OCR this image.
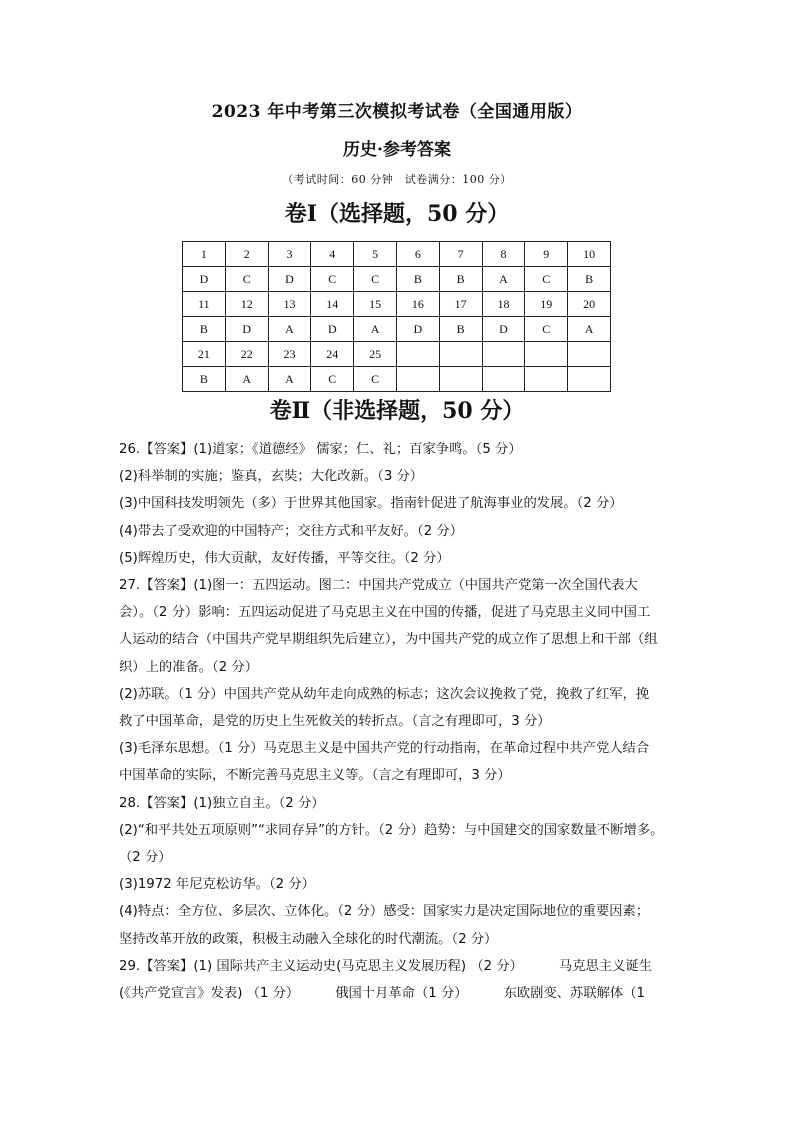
2023 年中考第三次模拟考试卷（全国通用版）
历史·参考答案
（考试时间：60 分钟　试卷满分：100 分）
卷Ⅰ（选择题，50 分）
1	2	3	4	5	6	7	8	9	10
D	C	D	C	C	B	B	A	C	B
11	12	13	14	15	16	17	18	19	20
B	D	A	D	A	D	B	D	C	A
21	22	23	24	25					
B	A	A	C	C					
卷Ⅱ（非选择题，50 分）

26.【答案】(1)道家；《道德经》 儒家；仁、礼；百家争鸣。（5 分）

(2)科举制的实施；鉴真，玄奘；大化改新。（3 分）

(3)中国科技发明领先（多）于世界其他国家。指南针促进了航海事业的发展。（2 分）

(4)带去了受欢迎的中国特产；交往方式和平友好。（2 分）

(5)辉煌历史，伟大贡献，友好传播，平等交往。（2 分）

27.【答案】(1)图一：五四运动。图二：中国共产党成立（中国共产党第一次全国代表大

会）。（2 分）影响：五四运动促进了马克思主义在中国的传播，促进了马克思主义同中国工

人运动的结合（中国共产党早期组织先后建立），为中国共产党的成立作了思想上和干部（组

织）上的准备。（2 分）

(2)苏联。（1 分）中国共产党从幼年走向成熟的标志；这次会议挽救了党，挽救了红军，挽

救了中国革命，是党的历史上生死攸关的转折点。（言之有理即可，3 分）

(3)毛泽东思想。（1 分）马克思主义是中国共产党的行动指南，在革命过程中共产党人结合

中国革命的实际，不断完善马克思主义等。（言之有理即可，3 分）

28.【答案】(1)独立自主。（2 分）

(2)“和平共处五项原则”“求同存异”的方针。（2 分）趋势：与中国建交的国家数量不断增多。

（2 分）

(3)1972 年尼克松访华。（2 分）

(4)特点：全方位、多层次、立体化。（2 分）感受：国家实力是决定国际地位的重要因素；

坚持改革开放的政策，积极主动融入全球化的时代潮流。（2 分）

29.【答案】(1) 国际共产主义运动史(马克思主义发展历程) （2 分）	马克思主义诞生

(《共产党宣言》发表) （1 分）	俄国十月革命（1 分）	东欧剧变、苏联解体（1
